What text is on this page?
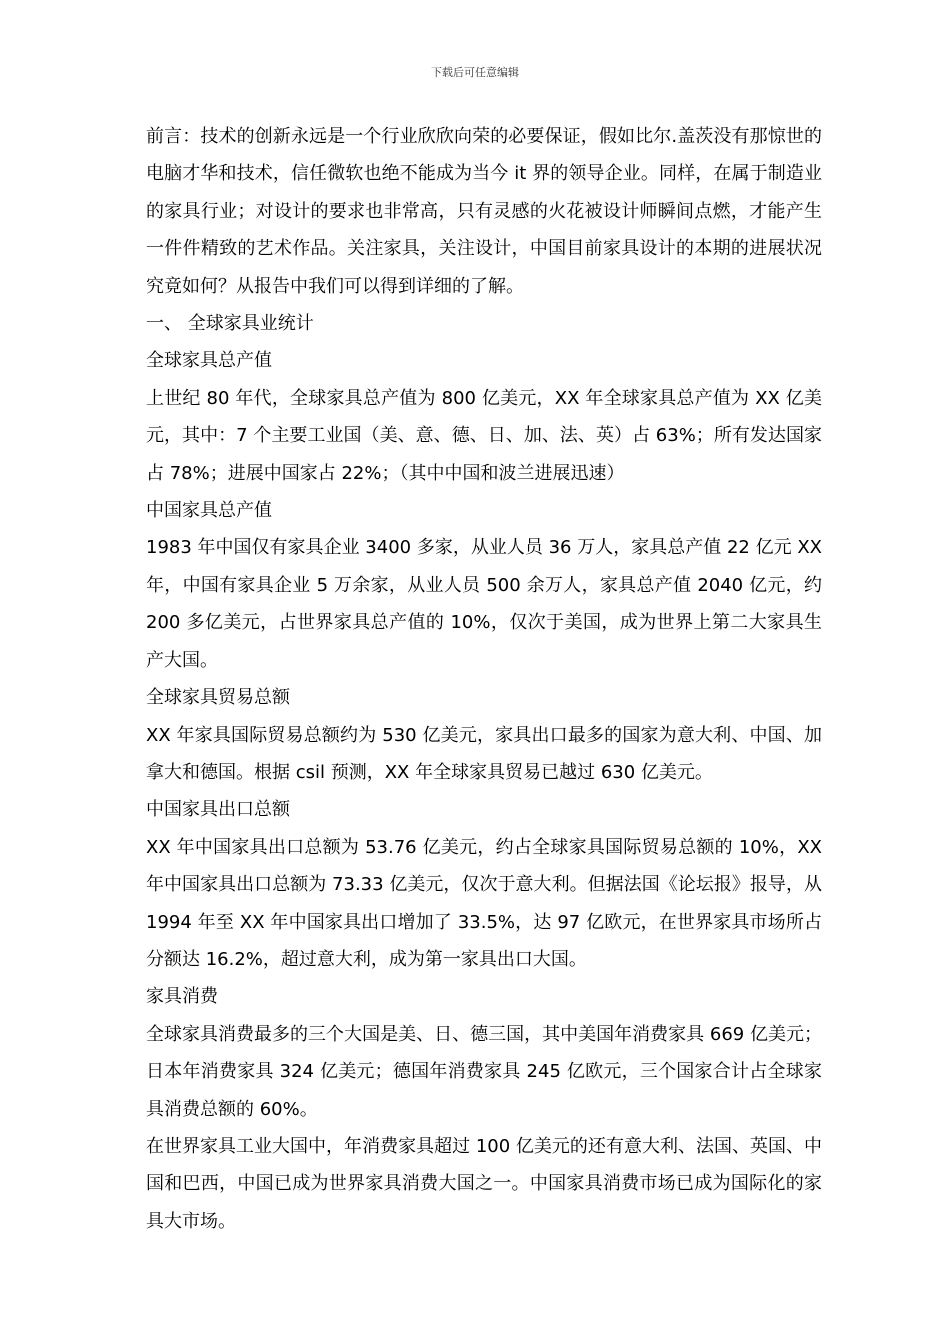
下载后可任意编辑

前言：技术的创新永远是一个行业欣欣向荣的必要保证，假如比尔.盖茨没有那惊世的电脑才华和技术，信任微软也绝不能成为当今 it 界的领导企业。同样，在属于制造业的家具行业；对设计的要求也非常高，只有灵感的火花被设计师瞬间点燃，才能产生一件件精致的艺术作品。关注家具，关注设计，中国目前家具设计的本期的进展状况究竟如何？从报告中我们可以得到详细的了解。

一、 全球家具业统计

全球家具总产值

上世纪 80 年代，全球家具总产值为 800 亿美元，XX 年全球家具总产值为 XX 亿美元，其中：7 个主要工业国（美、意、德、日、加、法、英）占 63%；所有发达国家占 78%；进展中国家占 22%；（其中中国和波兰进展迅速）

中国家具总产值

1983 年中国仅有家具企业 3400 多家，从业人员 36 万人，家具总产值 22 亿元 XX 年，中国有家具企业 5 万余家，从业人员 500 余万人，家具总产值 2040 亿元，约 200 多亿美元，占世界家具总产值的 10%，仅次于美国，成为世界上第二大家具生产大国。

全球家具贸易总额

XX 年家具国际贸易总额约为 530 亿美元，家具出口最多的国家为意大利、中国、加拿大和德国。根据 csil 预测，XX 年全球家具贸易已越过 630 亿美元。

中国家具出口总额

XX 年中国家具出口总额为 53.76 亿美元，约占全球家具国际贸易总额的 10%，XX 年中国家具出口总额为 73.33 亿美元，仅次于意大利。但据法国《论坛报》报导，从 1994 年至 XX 年中国家具出口增加了 33.5%，达 97 亿欧元，在世界家具市场所占分额达 16.2%，超过意大利，成为第一家具出口大国。

家具消费

全球家具消费最多的三个大国是美、日、德三国，其中美国年消费家具 669 亿美元；日本年消费家具 324 亿美元；德国年消费家具 245 亿欧元，三个国家合计占全球家具消费总额的 60%。

在世界家具工业大国中，年消费家具超过 100 亿美元的还有意大利、法国、英国、中国和巴西，中国已成为世界家具消费大国之一。中国家具消费市场已成为国际化的家具大市场。
